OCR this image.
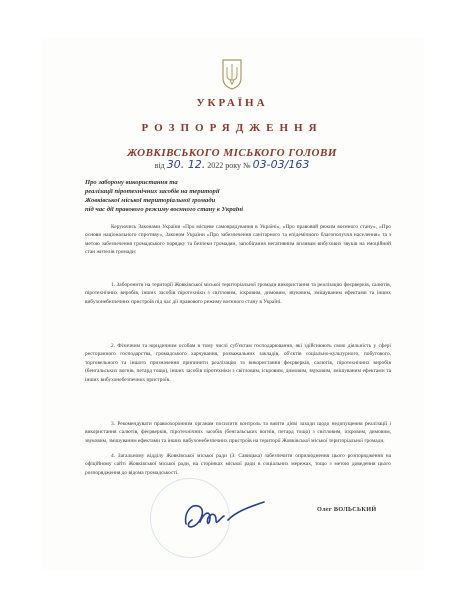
УКРАЇНА
РОЗПОРЯДЖЕННЯ
ЖОВКІВСЬКОГО МІСЬКОГО ГОЛОВИ
від 30. 12. 2022 року № 03-03/163
Про заборону використання та
реалізації піротехнічних засобів на території
Жовківської міської територіальної громади
під час дії правового режиму воєнного стану в Україні
Керуючись Законами України «Про місцеве самоврядування в Україні», «Про правовий режим воєнного стану», «Про основи національного спротиву», Законом України «Про забезпечення санітарного та епідемічного благополуччя населення» та з метою забезпечення громадського порядку та безпеки громадян, запобігання негативним впливам вибухових звуків на емоційний стан жителів громади:
1. Заборонити на території Жовківської міської територіальної громади використання та реалізацію феєрверків, салютів, піротехнічних виробів, інших засобів піротехніки з світловим, іскровим, димовим, звуковим, змішуваним ефектами та інших вибухонебезпечних пристроїв під час дії правового режиму воєнного стану в Україні.
2. Фізичним та юридичним особам в тому числі суб'єктам господарювання, які здійснюють свою діяльність у сфері ресторанного господарства, громадського харчування, розважальних закладів, об'єктів соціально-культурного, побутового, торговельного та іншого призначення припинити реалізацію та використання феєрверків, салютів, піротехнічних виробів (бенгальських вогнів, петард тощо), інших засобів піротехніки з світловим, іскровим, димовим, звуковим, змішуваним ефектами та інших вибухонебезпечних пристроїв.
3. Рекомендувати правоохоронним органам посилити контроль та вжити дієві заходи щодо недопущення реалізації і використання салютів, феєрверків, піротехнічних засобів (бенгальських вогнів, петард тощо) з світловим, іскровим, димовим, звуковим, змішуваним ефектами та інших вибухонебезпечних пристроїв на території Жовківської міської територіальної громади.
4. Загальному відділу Жовківської міської ради (З. Савицька) забезпечити оприлюднення цього розпорядження на офіційному сайті Жовківської міської ради, на сторінках міської ради в соціальних мережах, тощо з метою доведення цього розпорядження до відома громадськості.
Олег ВОЛЬСЬКИЙ
